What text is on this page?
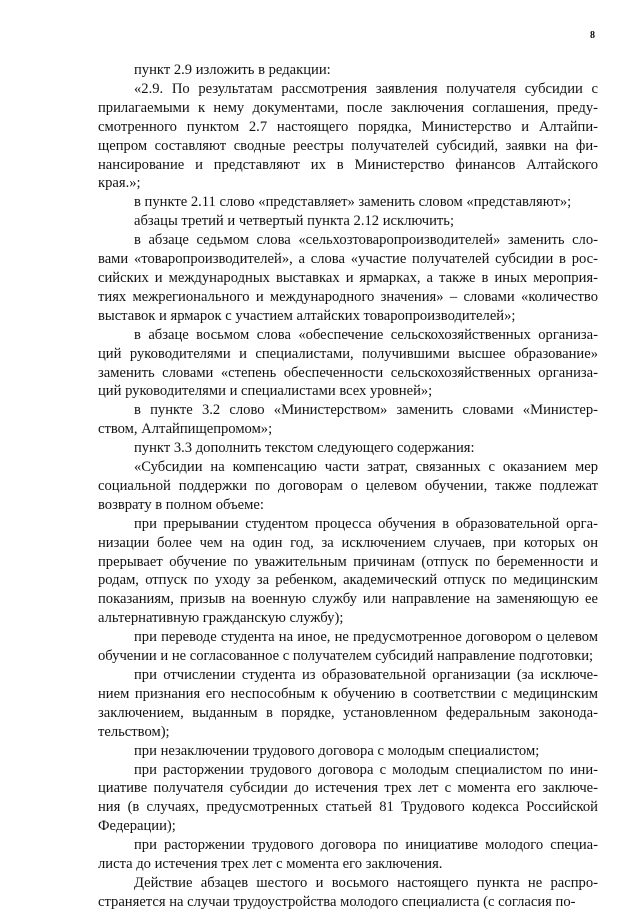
8
пункт 2.9 изложить в редакции:
«2.9. По результатам рассмотрения заявления получателя субсидии с
прилагаемыми к нему документами, после заключения соглашения, преду-
смотренного пунктом 2.7 настоящего порядка, Министерство и Алтайпи-
щепром составляют сводные реестры получателей субсидий, заявки на фи-
нансирование и представляют их в Министерство финансов Алтайского
края.»;
в пункте 2.11 слово «представляет» заменить словом «представляют»;
абзацы третий и четвертый пункта 2.12 исключить;
в абзаце седьмом слова «сельхозтоваропроизводителей» заменить сло-
вами «товаропроизводителей», а слова «участие получателей субсидии в рос-
сийских и международных выставках и ярмарках, а также в иных мероприя-
тиях межрегионального и международного значения» – словами «количество
выставок и ярмарок с участием алтайских товаропроизводителей»;
в абзаце восьмом слова «обеспечение сельскохозяйственных организа-
ций руководителями и специалистами, получившими высшее образование»
заменить словами «степень обеспеченности сельскохозяйственных организа-
ций руководителями и специалистами всех уровней»;
в пункте 3.2 слово «Министерством» заменить словами «Министер-
ством, Алтайпищепромом»;
пункт 3.3 дополнить текстом следующего содержания:
«Субсидии на компенсацию части затрат, связанных с оказанием мер
социальной поддержки по договорам о целевом обучении, также подлежат
возврату в полном объеме:
при прерывании студентом процесса обучения в образовательной орга-
низации более чем на один год, за исключением случаев, при которых он
прерывает обучение по уважительным причинам (отпуск по беременности и
родам, отпуск по уходу за ребенком, академический отпуск по медицинским
показаниям, призыв на военную службу или направление на заменяющую ее
альтернативную гражданскую службу);
при переводе студента на иное, не предусмотренное договором о целевом
обучении и не согласованное с получателем субсидий направление подготовки;
при отчислении студента из образовательной организации (за исключе-
нием признания его неспособным к обучению в соответствии с медицинским
заключением, выданным в порядке, установленном федеральным законода-
тельством);
при незаключении трудового договора с молодым специалистом;
при расторжении трудового договора с молодым специалистом по ини-
циативе получателя субсидии до истечения трех лет с момента его заключе-
ния (в случаях, предусмотренных статьей 81 Трудового кодекса Российской
Федерации);
при расторжении трудового договора по инициативе молодого специа-
листа до истечения трех лет с момента его заключения.
Действие абзацев шестого и восьмого настоящего пункта не распро-
страняется на случаи трудоустройства молодого специалиста (с согласия по-
